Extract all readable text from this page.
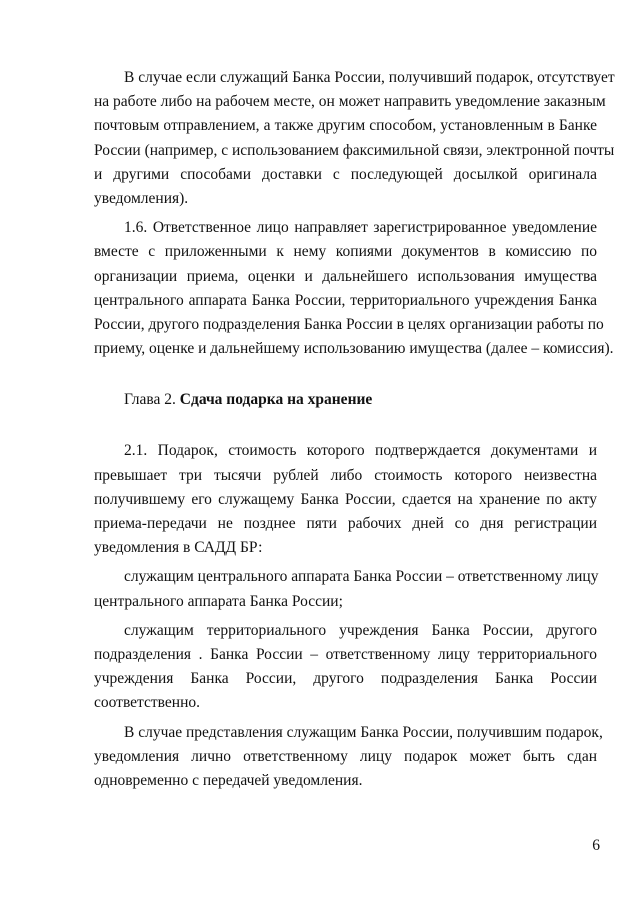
В случае если служащий Банка России, получивший подарок, отсутствует
на работе либо на рабочем месте, он может направить уведомление заказным
почтовым отправлением, а также другим способом, установленным в Банке
России (например, с использованием факсимильной связи, электронной почты
и другими способами доставки с последующей досылкой оригинала
уведомления).
1.6. Ответственное лицо направляет зарегистрированное уведомление
вместе с приложенными к нему копиями документов в комиссию по
организации приема, оценки и дальнейшего использования имущества
центрального аппарата Банка России, территориального учреждения Банка
России, другого подразделения Банка России в целях организации работы по
приему, оценке и дальнейшему использованию имущества (далее – комиссия).
Глава 2. Сдача подарка на хранение
2.1. Подарок, стоимость которого подтверждается документами и
превышает три тысячи рублей либо стоимость которого неизвестна
получившему его служащему Банка России, сдается на хранение по акту
приема-передачи не позднее пяти рабочих дней со дня регистрации
уведомления в САДД БР:
служащим центрального аппарата Банка России – ответственному лицу
центрального аппарата Банка России;
служащим территориального учреждения Банка России, другого
подразделения . Банка России – ответственному лицу территориального
учреждения Банка России, другого подразделения Банка России
соответственно.
В случае представления служащим Банка России, получившим подарок,
уведомления лично ответственному лицу подарок может быть сдан
одновременно с передачей уведомления.
6
